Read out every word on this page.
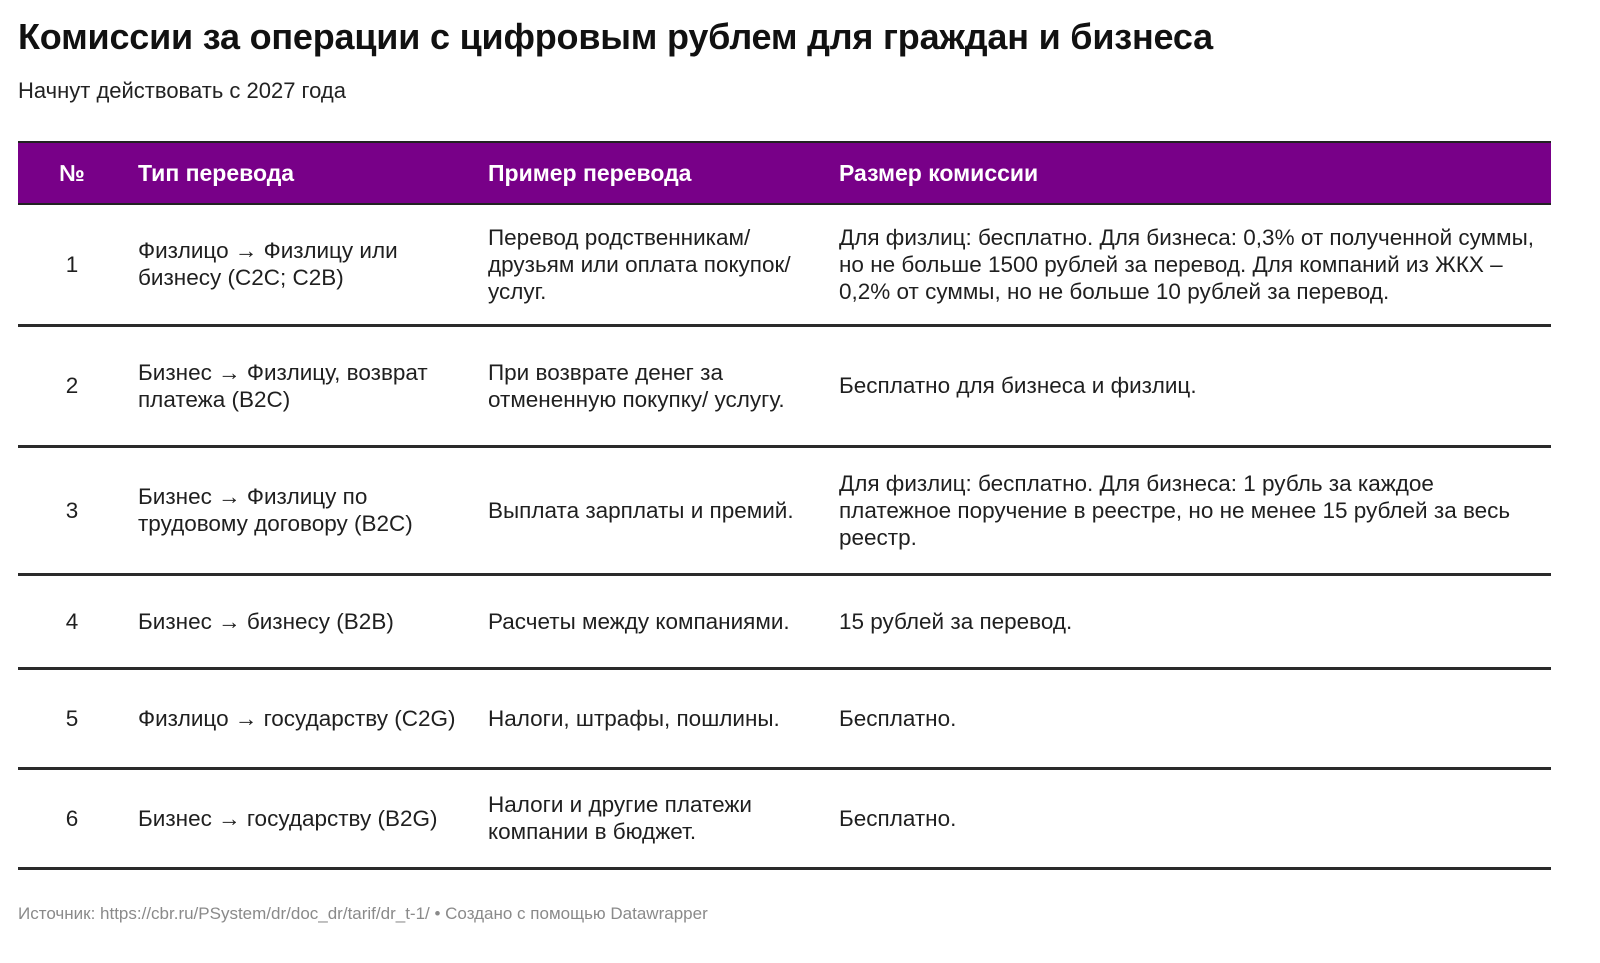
Комиссии за операции с цифровым рублем для граждан и бизнеса

Начнут действовать с 2027 года

№	Тип перевода	Пример перевода	Размер комиссии
1	Физлицо → Физлицу или бизнесу (C2C; C2B)	Перевод родственникам/ друзьям или оплата покупок/услуг.	Для физлиц: бесплатно. Для бизнеса: 0,3% от полученной суммы, но не больше 1500 рублей за перевод. Для компаний из ЖКХ – 0,2% от суммы, но не больше 10 рублей за перевод.
2	Бизнес → Физлицу, возврат платежа (B2C)	При возврате денег за отмененную покупку/ услугу.	Бесплатно для бизнеса и физлиц.
3	Бизнес → Физлицу по трудовому договору (B2C)	Выплата зарплаты и премий.	Для физлиц: бесплатно. Для бизнеса: 1 рубль за каждое платежное поручение в реестре, но не менее 15 рублей за весь реестр.
4	Бизнес → бизнесу (B2B)	Расчеты между компаниями.	15 рублей за перевод.
5	Физлицо → государству (C2G)	Налоги, штрафы, пошлины.	Бесплатно.
6	Бизнес → государству (B2G)	Налоги и другие платежи компании в бюджет.	Бесплатно.
Источник: https://cbr.ru/PSystem/dr/doc_dr/tarif/dr_t-1/ • Создано с помощью Datawrapper
